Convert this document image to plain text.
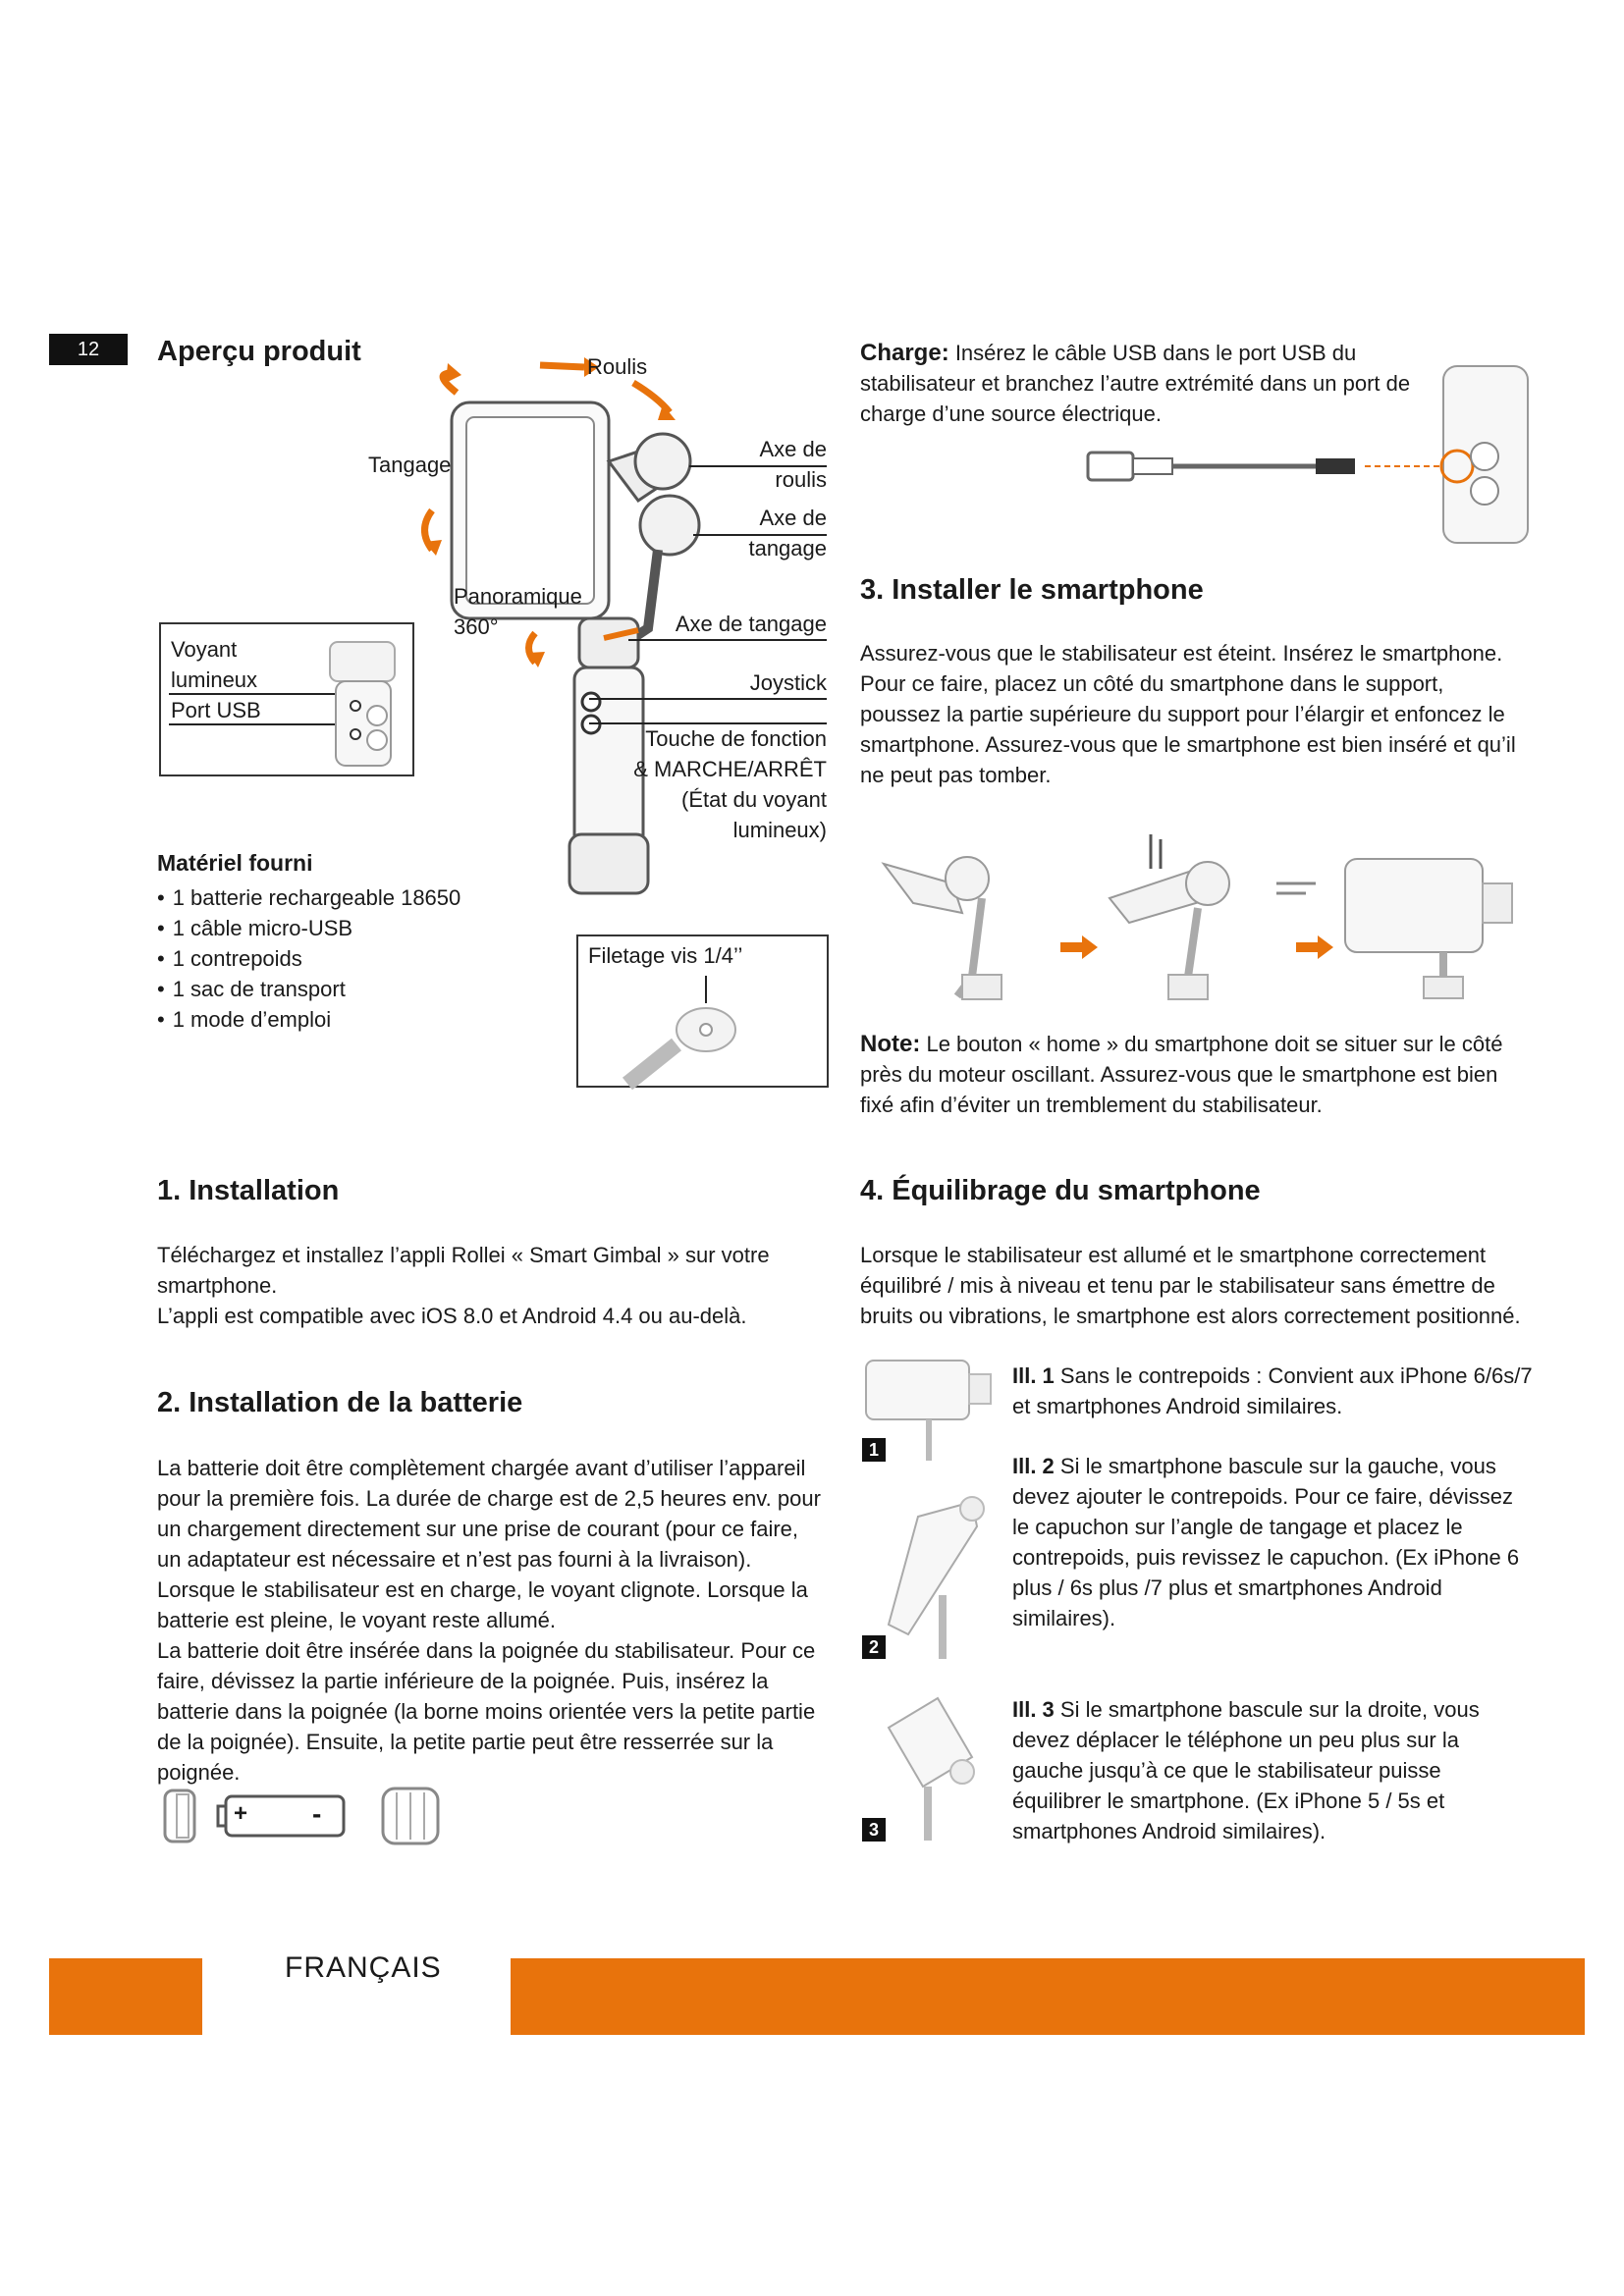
12	Aperçu produit	Roulis
Tangage
Axe de
roulis
Axe de
tangage
Panoramique
360°	Axe de tangage
Joystick
Touche de fonction
& MARCHE/ARRÊT
(État du voyant
lumineux)
Voyant
lumineux
Port USB
Matériel fourni
• 1 batterie rechargeable 18650
• 1 câble micro-USB
• 1 contrepoids
• 1 sac de transport
• 1 mode d’emploi
Filetage vis 1/4’’
1. Installation

Téléchargez et installez l’appli Rollei « Smart Gimbal » sur votre smartphone.

L’appli est compatible avec iOS 8.0 et Android 4.4 ou au-delà.

2. Installation de la batterie

La batterie doit être complètement chargée avant d’utiliser l’appareil pour la première fois. La durée de charge est de 2,5 heures env. pour un chargement directement sur une prise de courant (pour ce faire, un adaptateur est nécessaire et n’est pas fourni à la livraison). Lorsque le stabilisateur est en charge, le voyant clignote. Lorsque la batterie est pleine, le voyant reste allumé.

La batterie doit être insérée dans la poignée du stabilisateur. Pour ce faire, dévissez la partie inférieure de la poignée. Puis, insérez la batterie dans la poignée (la borne moins orientée vers la petite partie de la poignée). Ensuite, la petite partie peut être resserrée sur la poignée.

+ -

Charge: Insérez le câble USB dans le port USB du stabilisateur et branchez l’autre extrémité dans un port de charge d’une source électrique.

3. Installer le smartphone

Assurez-vous que le stabilisateur est éteint. Insérez le smartphone. Pour ce faire, placez un côté du smartphone dans le support, poussez la partie supérieure du support pour l’élargir et enfoncez le smartphone. Assurez-vous que le smartphone est bien inséré et qu’il ne peut pas tomber.

Note: Le bouton « home » du smartphone doit se situer sur le côté près du moteur oscillant. Assurez-vous que le smartphone est bien fixé afin d’éviter un tremblement du stabilisateur.

4. Équilibrage du smartphone

Lorsque le stabilisateur est allumé et le smartphone correctement équilibré / mis à niveau et tenu par le stabilisateur sans émettre de bruits ou vibrations, le smartphone est alors correctement positionné.

1

Ill. 1 Sans le contrepoids : Convient aux iPhone 6/6s/7 et smartphones Android similaires.

2

Ill. 2 Si le smartphone bascule sur la gauche, vous devez ajouter le contrepoids. Pour ce faire, dévissez le capuchon sur l’angle de tangage et placez le contrepoids, puis revissez le capuchon. (Ex iPhone 6 plus / 6s plus /7 plus et smartphones Android similaires).

3

Ill. 3 Si le smartphone bascule sur la droite, vous devez déplacer le téléphone un peu plus sur la gauche jusqu’à ce que le stabilisateur puisse équilibrer le smartphone. (Ex iPhone 5 / 5s et smartphones Android similaires).

FRANÇAIS
